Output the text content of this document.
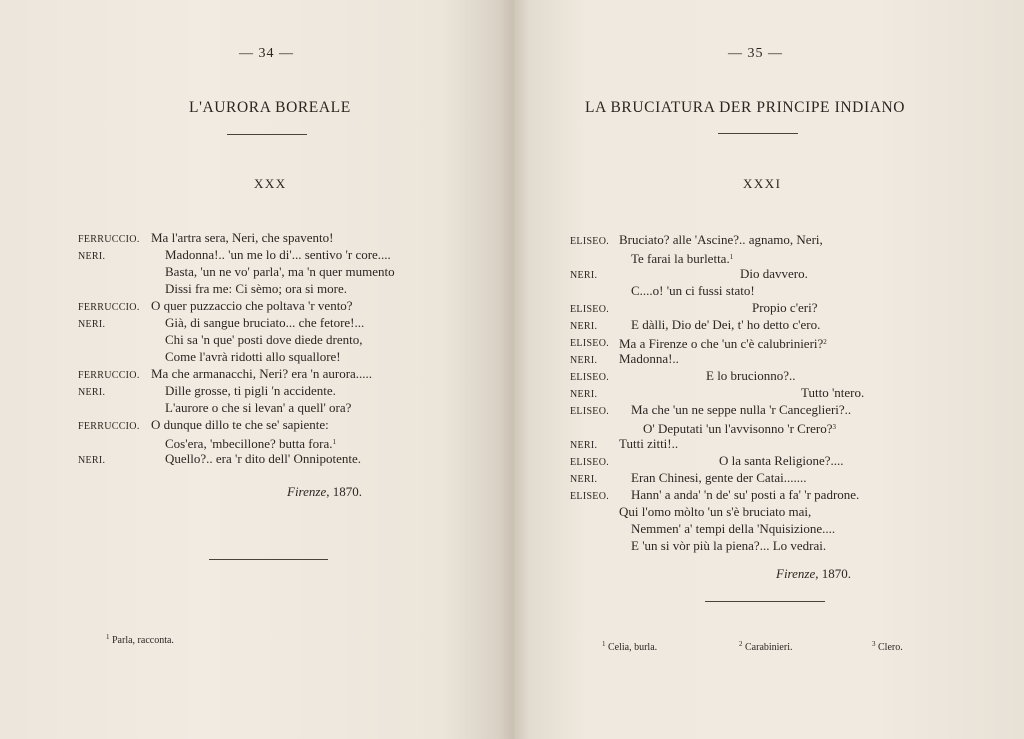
— 34 —
L'AURORA BOREALE
XXX
FERRUCCIO. Ma l'artra sera, Neri, che spavento!
NERI.	Madonna!.. 'un me lo di'... sentivo 'r core....
Basta, 'un ne vo' parla', ma 'n quer mumento
Dissi fra me: Ci sèmo; ora si more.
FERRUCCIO. O quer puzzaccio che poltava 'r vento?
NERI.	Già, di sangue bruciato... che fetore!...
Chi sa 'n que' posti dove diede drento,
Come l'avrà ridotti allo squallore!
FERRUCCIO. Ma che armanacchi, Neri? era 'n aurora.....
NERI.	Dille grosse, ti pigli 'n accidente.
L'aurore o che si levan' a quell' ora?
FERRUCCIO. O dunque dillo te che se' sapiente:
Cos'era, 'mbecillone? butta fora.$^1$
NERI.	Quello?.. era 'r dito dell' Onnipotente.
Firenze, 1870.
$^1$ Parla, racconta.
— 35 —
LA BRUCIATURA DER PRINCIPE INDIANO
XXXI
ELISEO. Bruciato? alle 'Ascine?.. agnamo, Neri,
Te farai la burletta.$^1$
NERI.	Dio davvero.
C....o! 'un ci fussi stato!
ELISEO.	Propio c'eri?
NERI.	E dàlli, Dio de' Dei, t' ho detto c'ero.
ELISEO. Ma a Firenze o che 'un c'è calubrinieri?$^2$
NERI. Madonna!..
ELISEO.	E lo brucionno?..
NERI.	Tutto 'ntero.
ELISEO. Ma che 'un ne seppe nulla 'r Canceglieri?..
O' Deputati 'un l'avvisonno 'r Crero?$^3$
NERI. Tutti zitti!..
ELISEO.	O la santa Religione?....
NERI.	Eran Chinesi, gente der Catai.......
ELISEO. Hann' a anda' 'n de' su' posti a fa' 'r padrone.
Qui l'omo mòlto 'un s'è bruciato mai,
Nemmen' a' tempi della 'Nquisizione....
E 'un si vòr più la piena?... Lo vedrai.
Firenze, 1870.
$^1$ Celia, burla.	$^2$ Carabinieri.	$^3$ Clero.
